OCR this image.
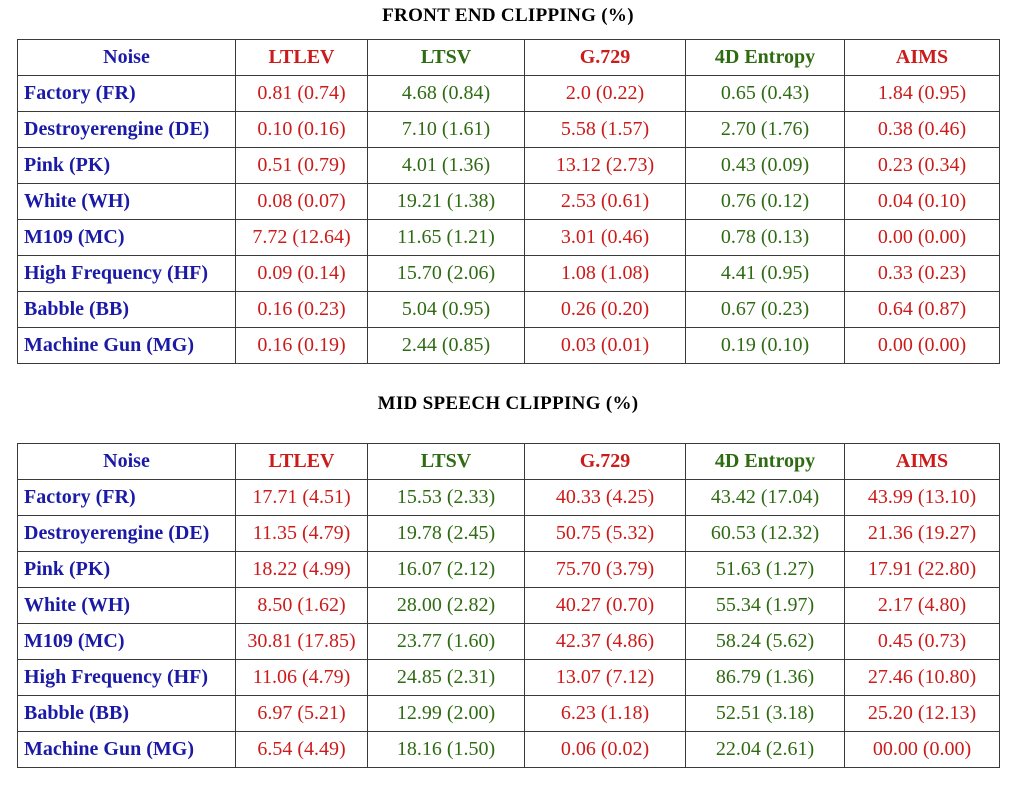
FRONT END CLIPPING (%)
Noise	LTLEV	LTSV	G.729	4D Entropy	AIMS
Factory (FR)	0.81 (0.74)	4.68 (0.84)	2.0 (0.22)	0.65 (0.43)	1.84 (0.95)
Destroyerengine (DE)	0.10 (0.16)	7.10 (1.61)	5.58 (1.57)	2.70 (1.76)	0.38 (0.46)
Pink (PK)	0.51 (0.79)	4.01 (1.36)	13.12 (2.73)	0.43 (0.09)	0.23 (0.34)
White (WH)	0.08 (0.07)	19.21 (1.38)	2.53 (0.61)	0.76 (0.12)	0.04 (0.10)
M109 (MC)	7.72 (12.64)	11.65 (1.21)	3.01 (0.46)	0.78 (0.13)	0.00 (0.00)
High Frequency (HF)	0.09 (0.14)	15.70 (2.06)	1.08 (1.08)	4.41 (0.95)	0.33 (0.23)
Babble (BB)	0.16 (0.23)	5.04 (0.95)	0.26 (0.20)	0.67 (0.23)	0.64 (0.87)
Machine Gun (MG)	0.16 (0.19)	2.44 (0.85)	0.03 (0.01)	0.19 (0.10)	0.00 (0.00)
MID SPEECH CLIPPING (%)
Noise	LTLEV	LTSV	G.729	4D Entropy	AIMS
Factory (FR)	17.71 (4.51)	15.53 (2.33)	40.33 (4.25)	43.42 (17.04)	43.99 (13.10)
Destroyerengine (DE)	11.35 (4.79)	19.78 (2.45)	50.75 (5.32)	60.53 (12.32)	21.36 (19.27)
Pink (PK)	18.22 (4.99)	16.07 (2.12)	75.70 (3.79)	51.63 (1.27)	17.91 (22.80)
White (WH)	8.50 (1.62)	28.00 (2.82)	40.27 (0.70)	55.34 (1.97)	2.17 (4.80)
M109 (MC)	30.81 (17.85)	23.77 (1.60)	42.37 (4.86)	58.24 (5.62)	0.45 (0.73)
High Frequency (HF)	11.06 (4.79)	24.85 (2.31)	13.07 (7.12)	86.79 (1.36)	27.46 (10.80)
Babble (BB)	6.97 (5.21)	12.99 (2.00)	6.23 (1.18)	52.51 (3.18)	25.20 (12.13)
Machine Gun (MG)	6.54 (4.49)	18.16 (1.50)	0.06 (0.02)	22.04 (2.61)	00.00 (0.00)
